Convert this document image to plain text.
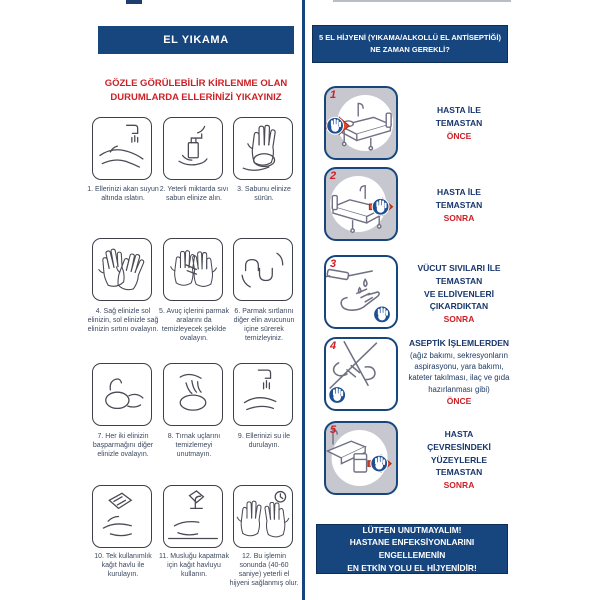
EL YIKAMA
GÖZLE GÖRÜLEBİLİR KİRLENME OLAN
DURUMLARDA ELLERİNİZİ YIKAYINIZ
1. Ellerinizi akan suyun altında ıslatın.
2. Yeterli miktarda sıvı sabun elinize alın.
3. Sabunu elinize sürün.
4. Sağ elinizle sol elinizin, sol elinizle sağ elinizin sırtını ovalayın.
5. Avuç içlerini parmak aralarını da temizleyecek şekilde ovalayın.
6. Parmak sırtlarını diğer elin avucunun içine sürerek temizleyiniz.
7. Her iki elinizin başparmağını diğer elinizle ovalayın.
8. Tırnak uçlarını temizlemeyi unutmayın.
9. Ellerinizi su ile durulayın.
10. Tek kullanımlık kağıt havlu ile kurulayın.
11. Musluğu kapatmak için kağıt havluyu kullanın.
12. Bu işlemin sonunda (40-60 saniye) yeterli el hijyeni sağlanmış olur.
5 EL HİJYENİ (YIKAMA/ALKOLLÜ EL ANTİSEPTİĞİ)
NE ZAMAN GEREKLİ?
1
HASTA İLE
TEMASTAN
ÖNCE
2
HASTA İLE
TEMASTAN
SONRA
3	VÜCUT SIVILARI İLE
TEMASTAN
VE ELDİVENLERİ
ÇIKARDIKTAN
SONRA
4	ASEPTİK İŞLEMLERDEN
(ağız bakımı, sekresyonların
aspirasyonu, yara bakımı,
kateter takılması, ilaç ve gıda
hazırlanması gibi)
ÖNCE
5	HASTA
ÇEVRESİNDEKİ
YÜZEYLERLE
TEMASTAN
SONRA
LÜTFEN UNUTMAYALIM!
HASTANE ENFEKSİYONLARINI ENGELLEMENİN
EN ETKİN YOLU EL HİJYENİDİR!
